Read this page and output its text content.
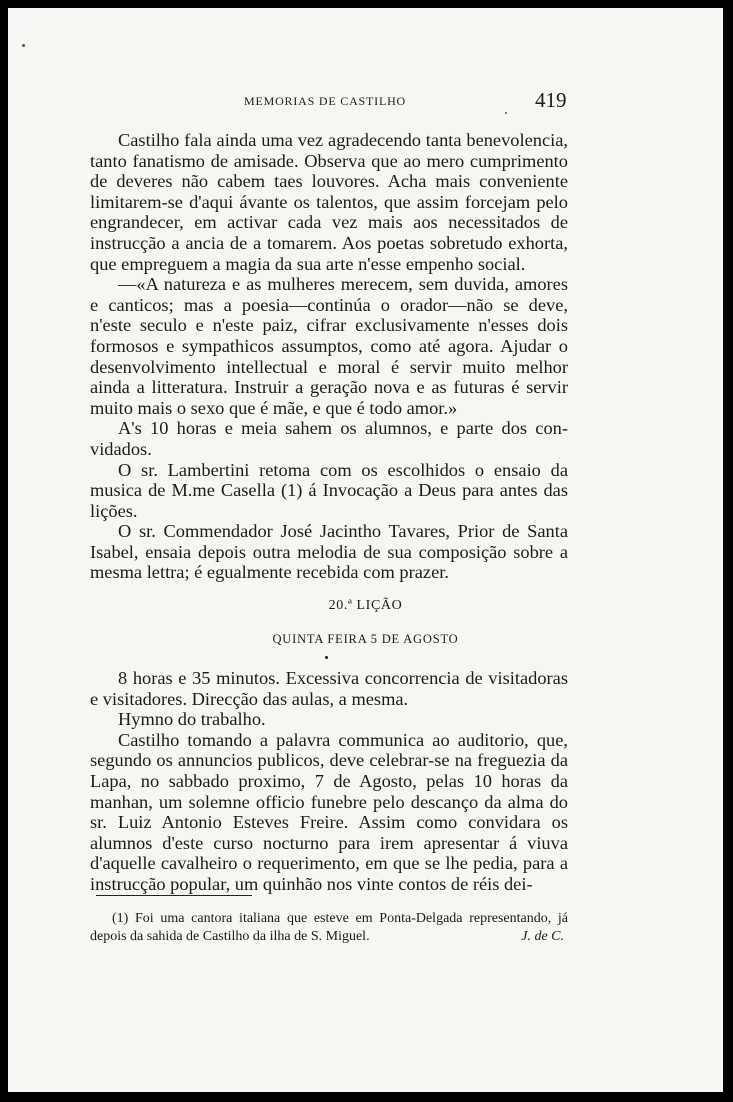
MEMORIAS DE CASTILHO	419

Castilho fala ainda uma vez agradecendo tanta benevolencia, tanto fanatismo de amisade. Observa que ao mero cumprimento de deveres não cabem taes louvores. Acha mais conveniente limitarem-se d'aqui ávante os talentos, que assim forcejam pelo engrandecer, em activar cada vez mais aos necessitados de instrucção a ancia de a tomarem. Aos poetas sobretudo exhorta, que empreguem a magia da sua arte n'esse empenho social.

—«A natureza e as mulheres merecem, sem duvida, amores e canticos; mas a poesia—continúa o orador—não se deve, n'este seculo e n'este paiz, cifrar exclusivamente n'esses dois formosos e sympathicos assumptos, como até agora. Ajudar o desenvolvimento intellectual e moral é servir muito melhor ainda a litteratura. Instruir a geração nova e as futuras é servir muito mais o sexo que é mãe, e que é todo amor.»

A's 10 horas e meia sahem os alumnos, e parte dos convidados.

O sr. Lambertini retoma com os escolhidos o ensaio da musica de M.me Casella (1) á Invocação a Deus para antes das lições.

O sr. Commendador José Jacintho Tavares, Prior de Santa Isabel, ensaia depois outra melodia de sua composição sobre a mesma lettra; é egualmente recebida com prazer.

20.ª LIÇÃO
QUINTA FEIRA 5 DE AGOSTO

8 horas e 35 minutos. Excessiva concorrencia de visitadoras e visitadores. Direcção das aulas, a mesma.

Hymno do trabalho.

Castilho tomando a palavra communica ao auditorio, que, segundo os annuncios publicos, deve celebrar-se na freguezia da Lapa, no sabbado proximo, 7 de Agosto, pelas 10 horas da manhan, um solemne officio funebre pelo descanço da alma do sr. Luiz Antonio Esteves Freire. Assim como convidara os alumnos d'este curso nocturno para irem apresentar á viuva d'aquelle cavalheiro o requerimento, em que se lhe pedia, para a instrucção popular, um quinhão nos vinte contos de réis dei-

(1) Foi uma cantora italiana que esteve em Ponta-Delgada representando, já depois da sahida de Castilho da ilha de S. Miguel.	J. de C.
